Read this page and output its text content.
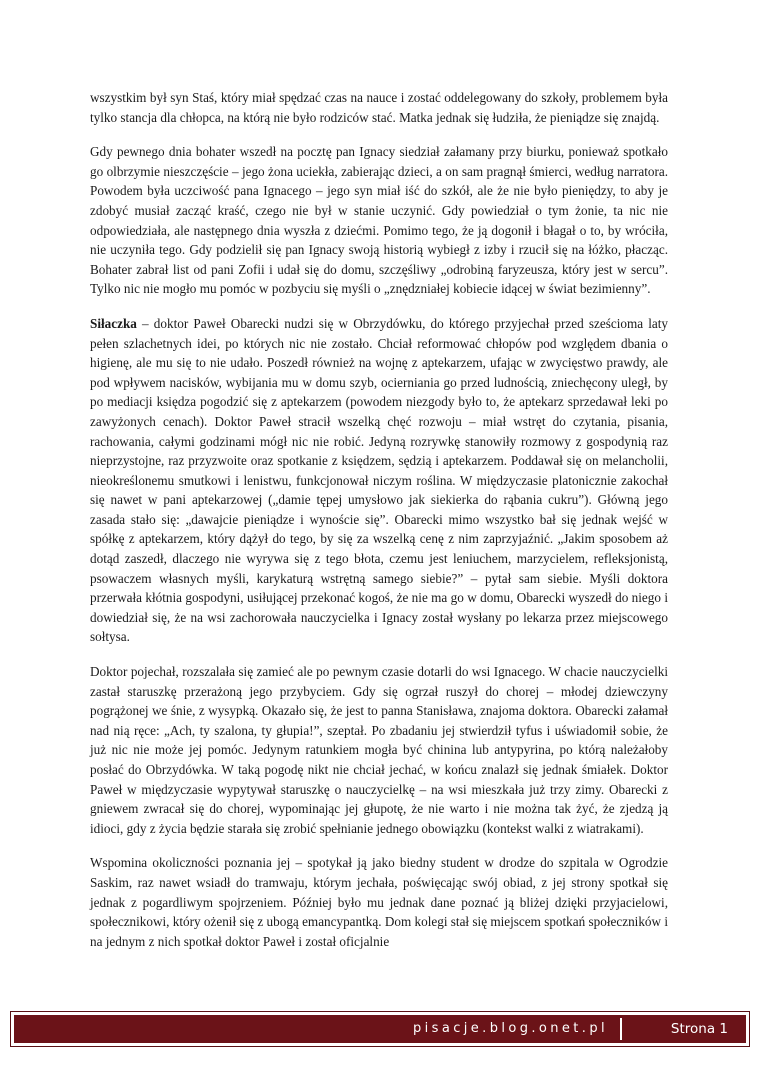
wszystkim był syn Staś, który miał spędzać czas na nauce i zostać oddelegowany do szkoły, problemem była tylko stancja dla chłopca, na którą nie było rodziców stać. Matka jednak się łudziła, że pieniądze się znajdą.

Gdy pewnego dnia bohater wszedł na pocztę pan Ignacy siedział załamany przy biurku, ponieważ spotkało go olbrzymie nieszczęście – jego żona uciekła, zabierając dzieci, a on sam pragnął śmierci, według narratora. Powodem była uczciwość pana Ignacego – jego syn miał iść do szkół, ale że nie było pieniędzy, to aby je zdobyć musiał zacząć kraść, czego nie był w stanie uczynić. Gdy powiedział o tym żonie, ta nic nie odpowiedziała, ale następnego dnia wyszła z dziećmi. Pomimo tego, że ją dogonił i błagał o to, by wróciła, nie uczyniła tego. Gdy podzielił się pan Ignacy swoją historią wybiegł z izby i rzucił się na łóżko, płacząc. Bohater zabrał list od pani Zofii i udał się do domu, szczęśliwy „odrobiną faryzeusza, który jest w sercu”. Tylko nic nie mogło mu pomóc w pozbyciu się myśli o „znędzniałej kobiecie idącej w świat bezimienny”.

Siłaczka – doktor Paweł Obarecki nudzi się w Obrzydówku, do którego przyjechał przed sześcioma laty pełen szlachetnych idei, po których nic nie zostało. Chciał reformować chłopów pod względem dbania o higienę, ale mu się to nie udało. Poszedł również na wojnę z aptekarzem, ufając w zwycięstwo prawdy, ale pod wpływem nacisków, wybijania mu w domu szyb, ocierniania go przed ludnością, zniechęcony uległ, by po mediacji księdza pogodzić się z aptekarzem (powodem niezgody było to, że aptekarz sprzedawał leki po zawyżonych cenach). Doktor Paweł stracił wszelką chęć rozwoju – miał wstręt do czytania, pisania, rachowania, całymi godzinami mógł nic nie robić. Jedyną rozrywkę stanowiły rozmowy z gospodynią raz nieprzystojne, raz przyzwoite oraz spotkanie z księdzem, sędzią i aptekarzem. Poddawał się on melancholii, nieokreślonemu smutkowi i lenistwu, funkcjonował niczym roślina. W międzyczasie platonicznie zakochał się nawet w pani aptekarzowej („damie tępej umysłowo jak siekierka do rąbania cukru”). Główną jego zasada stało się: „dawajcie pieniądze i wynoście się”. Obarecki mimo wszystko bał się jednak wejść w spółkę z aptekarzem, który dążył do tego, by się za wszelką cenę z nim zaprzyjaźnić. „Jakim sposobem aż dotąd zaszedł, dlaczego nie wyrywa się z tego błota, czemu jest leniuchem, marzycielem, refleksjonistą, psowaczem własnych myśli, karykaturą wstrętną samego siebie?” – pytał sam siebie. Myśli doktora przerwała kłótnia gospodyni, usiłującej przekonać kogoś, że nie ma go w domu, Obarecki wyszedł do niego i dowiedział się, że na wsi zachorowała nauczycielka i Ignacy został wysłany po lekarza przez miejscowego sołtysa.

Doktor pojechał, rozszalała się zamieć ale po pewnym czasie dotarli do wsi Ignacego. W chacie nauczycielki zastał staruszkę przerażoną jego przybyciem. Gdy się ogrzał ruszył do chorej – młodej dziewczyny pogrążonej we śnie, z wysypką. Okazało się, że jest to panna Stanisława, znajoma doktora. Obarecki załamał nad nią ręce: „Ach, ty szalona, ty głupia!”, szeptał. Po zbadaniu jej stwierdził tyfus i uświadomił sobie, że już nic nie może jej pomóc. Jedynym ratunkiem mogła być chinina lub antypyrina, po którą należałoby posłać do Obrzydówka. W taką pogodę nikt nie chciał jechać, w końcu znalazł się jednak śmiałek. Doktor Paweł w międzyczasie wypytywał staruszkę o nauczycielkę – na wsi mieszkała już trzy zimy. Obarecki z gniewem zwracał się do chorej, wypominając jej głupotę, że nie warto i nie można tak żyć, że zjedzą ją idioci, gdy z życia będzie starała się zrobić spełnianie jednego obowiązku (kontekst walki z wiatrakami).

Wspomina okoliczności poznania jej – spotykał ją jako biedny student w drodze do szpitala w Ogrodzie Saskim, raz nawet wsiadł do tramwaju, którym jechała, poświęcając swój obiad, z jej strony spotkał się jednak z pogardliwym spojrzeniem. Później było mu jednak dane poznać ją bliżej dzięki przyjacielowi, społecznikowi, który ożenił się z ubogą emancypantką. Dom kolegi stał się miejscem spotkań społeczników i na jednym z nich spotkał doktor Paweł i został oficjalnie

pisacje.blog.onet.pl	Strona 1
